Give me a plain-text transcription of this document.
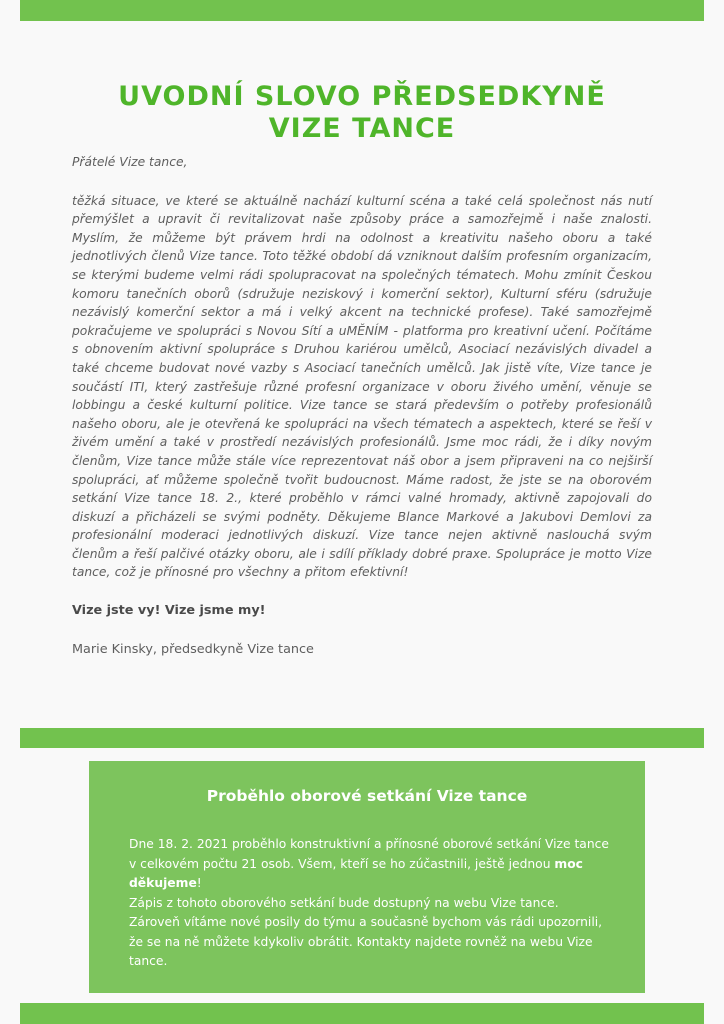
UVODNÍ SLOVO PŘEDSEDKYNĚ
VIZE TANCE

Přátelé Vize tance,

těžká situace, ve které se aktuálně nachází kulturní scéna a také celá společnost nás nutí přemýšlet a upravit či revitalizovat naše způsoby práce a samozřejmě i naše znalosti. Myslím, že můžeme být právem hrdi na odolnost a kreativitu našeho oboru a také jednotlivých členů Vize tance. Toto těžké období dá vzniknout dalším profesním organizacím, se kterými budeme velmi rádi spolupracovat na společných tématech. Mohu zmínit Českou komoru tanečních oborů (sdružuje neziskový i komerční sektor), Kulturní sféru (sdružuje nezávislý komerční sektor a má i velký akcent na technické profese). Také samozřejmě pokračujeme ve spolupráci s Novou Sítí a uMĚNÍM - platforma pro kreativní učení. Počítáme s obnovením aktivní spolupráce s Druhou kariérou umělců, Asociací nezávislých divadel a také chceme budovat nové vazby s Asociací tanečních umělců. Jak jistě víte, Vize tance je součástí ITI, který zastřešuje různé profesní organizace v oboru živého umění, věnuje se lobbingu a české kulturní politice. Vize tance se stará především o potřeby profesionálů našeho oboru, ale je otevřená ke spolupráci na všech tématech a aspektech, které se řeší v živém umění a také v prostředí nezávislých profesionálů. Jsme moc rádi, že i díky novým členům, Vize tance může stále více reprezentovat náš obor a jsem připraveni na co nejširší spolupráci, ať můžeme společně tvořit budoucnost. Máme radost, že jste se na oborovém setkání Vize tance 18. 2., které proběhlo v rámci valné hromady, aktivně zapojovali do diskuzí a přicházeli se svými podněty. Děkujeme Blance Markové a Jakubovi Demlovi za profesionální moderaci jednotlivých diskuzí. Vize tance nejen aktivně naslouchá svým členům a řeší palčivé otázky oboru, ale i sdílí příklady dobré praxe. Spolupráce je motto Vize tance, což je přínosné pro všechny a přitom efektivní!

Vize jste vy! Vize jsme my!

Marie Kinsky, předsedkyně Vize tance

Proběhlo oborové setkání Vize tance

Dne 18. 2. 2021 proběhlo konstruktivní a přínosné oborové setkání Vize tance v celkovém počtu 21 osob. Všem, kteří se ho zúčastnili, ještě jednou moc děkujeme!
Zápis z tohoto oborového setkání bude dostupný na webu Vize tance. Zároveň vítáme nové posily do týmu a současně bychom vás rádi upozornili, že se na ně můžete kdykoliv obrátit. Kontakty najdete rovněž na webu Vize tance.
